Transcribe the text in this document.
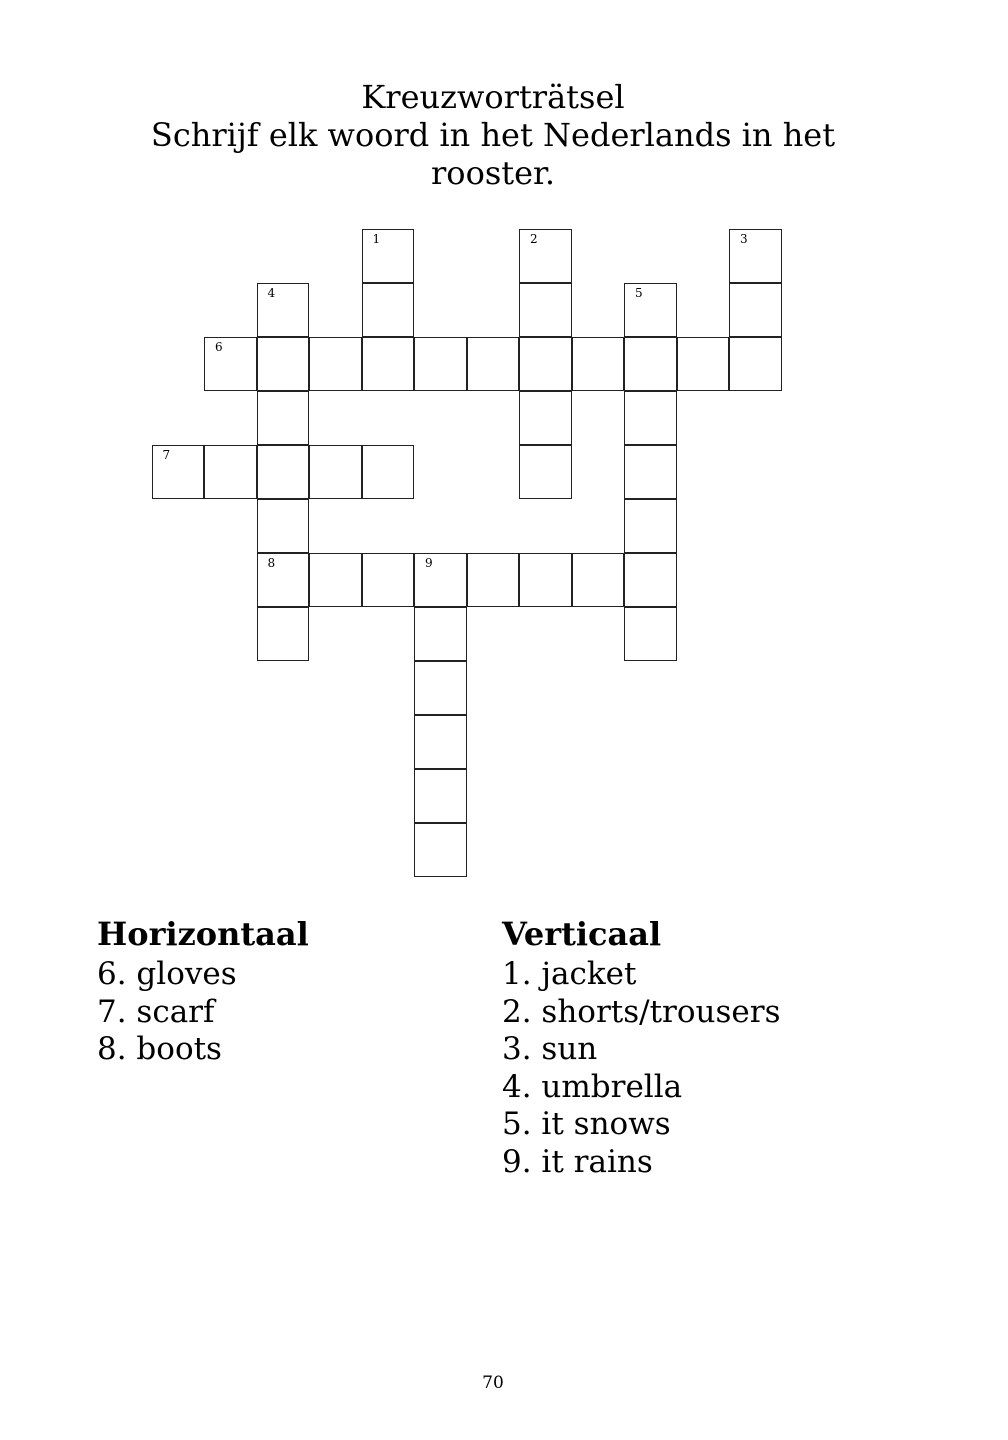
Kreuzworträtsel
Schrijf elk woord in het Nederlands in het
rooster.
1	2	3
4	5
6
7
8	9
Horizontaal
6. gloves
7. scarf
8. boots
Verticaal
1. jacket
2. shorts/trousers
3. sun
4. umbrella
5. it snows
9. it rains
70
